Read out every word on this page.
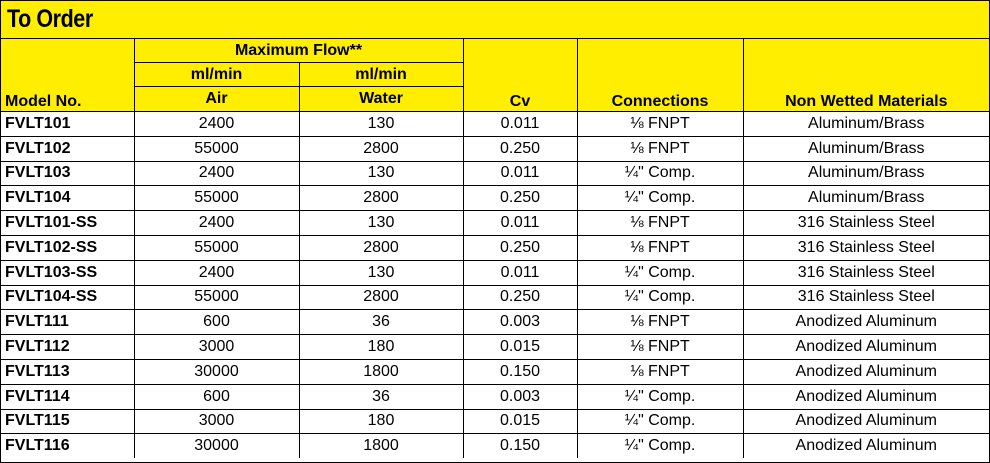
To Order
Model No.	Maximum Flow**		Cv	Connections	Non Wetted Materials
	ml/min	ml/min			
	Air	Water			
FVLT101	2400	130	0.011	⅛ FNPT	Aluminum/Brass
FVLT102	55000	2800	0.250	⅛ FNPT	Aluminum/Brass
FVLT103	2400	130	0.011	¼" Comp.	Aluminum/Brass
FVLT104	55000	2800	0.250	¼" Comp.	Aluminum/Brass
FVLT101-SS	2400	130	0.011	⅛ FNPT	316 Stainless Steel
FVLT102-SS	55000	2800	0.250	⅛ FNPT	316 Stainless Steel
FVLT103-SS	2400	130	0.011	¼" Comp.	316 Stainless Steel
FVLT104-SS	55000	2800	0.250	¼" Comp.	316 Stainless Steel
FVLT111	600	36	0.003	⅛ FNPT	Anodized Aluminum
FVLT112	3000	180	0.015	⅛ FNPT	Anodized Aluminum
FVLT113	30000	1800	0.150	⅛ FNPT	Anodized Aluminum
FVLT114	600	36	0.003	¼" Comp.	Anodized Aluminum
FVLT115	3000	180	0.015	¼" Comp.	Anodized Aluminum
FVLT116	30000	1800	0.150	¼" Comp.	Anodized Aluminum
